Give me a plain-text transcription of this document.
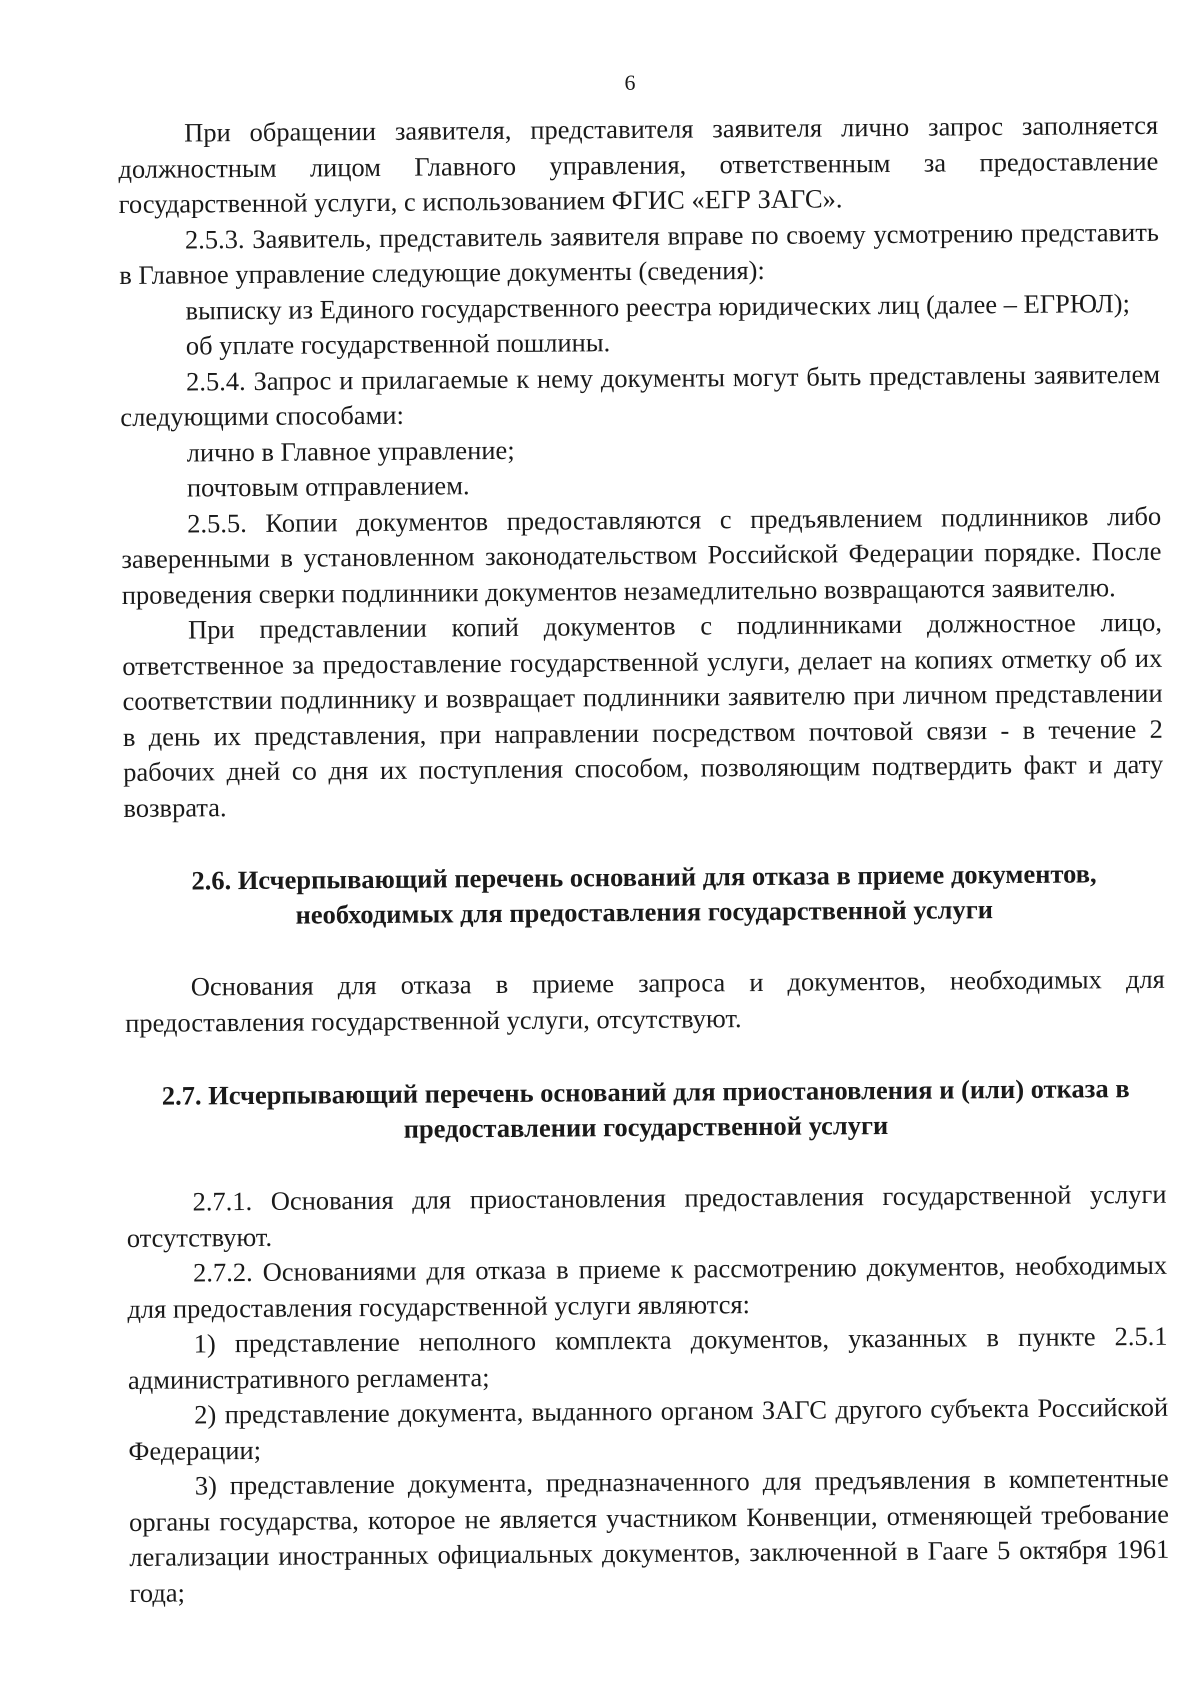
6

При обращении заявителя, представителя заявителя лично запрос заполняется должностным лицом Главного управления, ответственным за предоставление государственной услуги, с использованием ФГИС «ЕГР ЗАГС».

2.5.3. Заявитель, представитель заявителя вправе по своему усмотрению представить в Главное управление следующие документы (сведения):

выписку из Единого государственного реестра юридических лиц (далее – ЕГРЮЛ);

об уплате государственной пошлины.

2.5.4. Запрос и прилагаемые к нему документы могут быть представлены заявителем следующими способами:

лично в Главное управление;

почтовым отправлением.

2.5.5. Копии документов предоставляются с предъявлением подлинников либо заверенными в установленном законодательством Российской Федерации порядке. После проведения сверки подлинники документов незамедлительно возвращаются заявителю.

При представлении копий документов с подлинниками должностное лицо, ответственное за предоставление государственной услуги, делает на копиях отметку об их соответствии подлиннику и возвращает подлинники заявителю при личном представлении в день их представления, при направлении посредством почтовой связи - в течение 2 рабочих дней со дня их поступления способом, позволяющим подтвердить факт и дату возврата.

2.6. Исчерпывающий перечень оснований для отказа в приеме документов, необходимых для предоставления государственной услуги

Основания для отказа в приеме запроса и документов, необходимых для предоставления государственной услуги, отсутствуют.

2.7. Исчерпывающий перечень оснований для приостановления и (или) отказа в предоставлении государственной услуги

2.7.1. Основания для приостановления предоставления государственной услуги отсутствуют.

2.7.2. Основаниями для отказа в приеме к рассмотрению документов, необходимых для предоставления государственной услуги являются:

1) представление неполного комплекта документов, указанных в пункте 2.5.1 административного регламента;

2) представление документа, выданного органом ЗАГС другого субъекта Российской Федерации;

3) представление документа, предназначенного для предъявления в компетентные органы государства, которое не является участником Конвенции, отменяющей требование легализации иностранных официальных документов, заключенной в Гааге 5 октября 1961 года;
